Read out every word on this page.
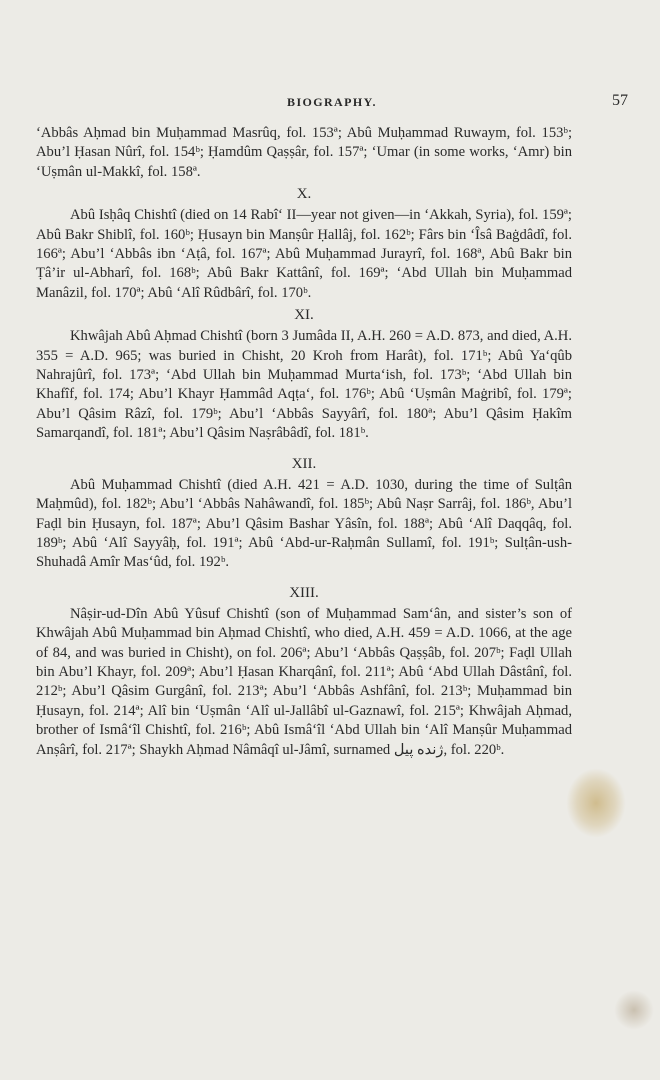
BIOGRAPHY.	57

‘Abbâs Aḥmad bin Muḥammad Masrûq, fol. 153ª; Abû Muḥammad Ruwaym, fol. 153ᵇ; Abu’l Ḥasan Nûrî, fol. 154ᵇ; Ḥamdûm Qaṣṣâr, fol. 157ª; ‘Umar (in some works, ‘Amr) bin ‘Uṣmân ul-Makkî, fol. 158ª.

X.

Abû Isḥâq Chishtî (died on 14 Rabî‘ II—year not given—in ‘Akkah, Syria), fol. 159ª; Abû Bakr Shiblî, fol. 160ᵇ; Ḥusayn bin Manṣûr Ḥallâj, fol. 162ᵇ; Fârs bin ‘Îsâ Baġdâdî, fol. 166ª; Abu’l ‘Abbâs ibn ‘Aṭâ, fol. 167ª; Abû Muḥammad Jurayrî, fol. 168ª, Abû Bakr bin Ṭâ’ir ul-Abharî, fol. 168ᵇ; Abû Bakr Kattânî, fol. 169ª; ‘Abd Ullah bin Muḥammad Manâzil, fol. 170ª; Abû ‘Alî Rûdbârî, fol. 170ᵇ.

XI.

Khwâjah Abû Aḥmad Chishtî (born 3 Jumâda II, A.H. 260 = A.D. 873, and died, A.H. 355 = A.D. 965; was buried in Chisht, 20 Kroh from Harât), fol. 171ᵇ; Abû Ya‘qûb Nahrajûrî, fol. 173ª; ‘Abd Ullah bin Muḥammad Murta‘ish, fol. 173ᵇ; ‘Abd Ullah bin Khafîf, fol. 174; Abu’l Khayr Ḥammâd Aqṭa‘, fol. 176ᵇ; Abû ‘Uṣmân Maġribî, fol. 179ª; Abu’l Qâsim Râzî, fol. 179ᵇ; Abu’l ‘Abbâs Sayyârî, fol. 180ª; Abu’l Qâsim Ḥakîm Samarqandî, fol. 181ª; Abu’l Qâsim Naṣrâbâdî, fol. 181ᵇ.

XII.

Abû Muḥammad Chishtî (died A.H. 421 = A.D. 1030, during the time of Sulṭân Maḥmûd), fol. 182ᵇ; Abu’l ‘Abbâs Nahâwandî, fol. 185ᵇ; Abû Naṣr Sarrâj, fol. 186ᵇ, Abu’l Faḍl bin Ḥusayn, fol. 187ª; Abu’l Qâsim Bashar Yâsîn, fol. 188ª; Abû ‘Alî Daqqâq, fol. 189ᵇ; Abû ‘Alî Sayyâḥ, fol. 191ª; Abû ‘Abd-ur-Raḥmân Sullamî, fol. 191ᵇ; Sulṭân-ush-Shuhadâ Amîr Mas‘ûd, fol. 192ᵇ.

XIII.

Nâṣir-ud-Dîn Abû Yûsuf Chishtî (son of Muḥammad Sam‘ân, and sister’s son of Khwâjah Abû Muḥammad bin Aḥmad Chishtî, who died, A.H. 459 = A.D. 1066, at the age of 84, and was buried in Chisht), on fol. 206ª; Abu’l ‘Abbâs Qaṣṣâb, fol. 207ᵇ; Faḍl Ullah bin Abu’l Khayr, fol. 209ª; Abu’l Ḥasan Kharqânî, fol. 211ª; Abû ‘Abd Ullah Dâstânî, fol. 212ᵇ; Abu’l Qâsim Gurgânî, fol. 213ª; Abu’l ‘Abbâs Ashfânî, fol. 213ᵇ; Muḥammad bin Ḥusayn, fol. 214ª; Alî bin ‘Uṣmân ‘Alî ul-Jallâbî ul-Gaznawî, fol. 215ª; Khwâjah Aḥmad, brother of Ismâ‘îl Chishtî, fol. 216ᵇ; Abû Ismâ‘îl ‘Abd Ullah bin ‘Alî Manṣûr Muḥammad Anṣârî, fol. 217ª; Shaykh Aḥmad Nâmâqî ul-Jâmî, surnamed ژنده پیل, fol. 220ᵇ.
